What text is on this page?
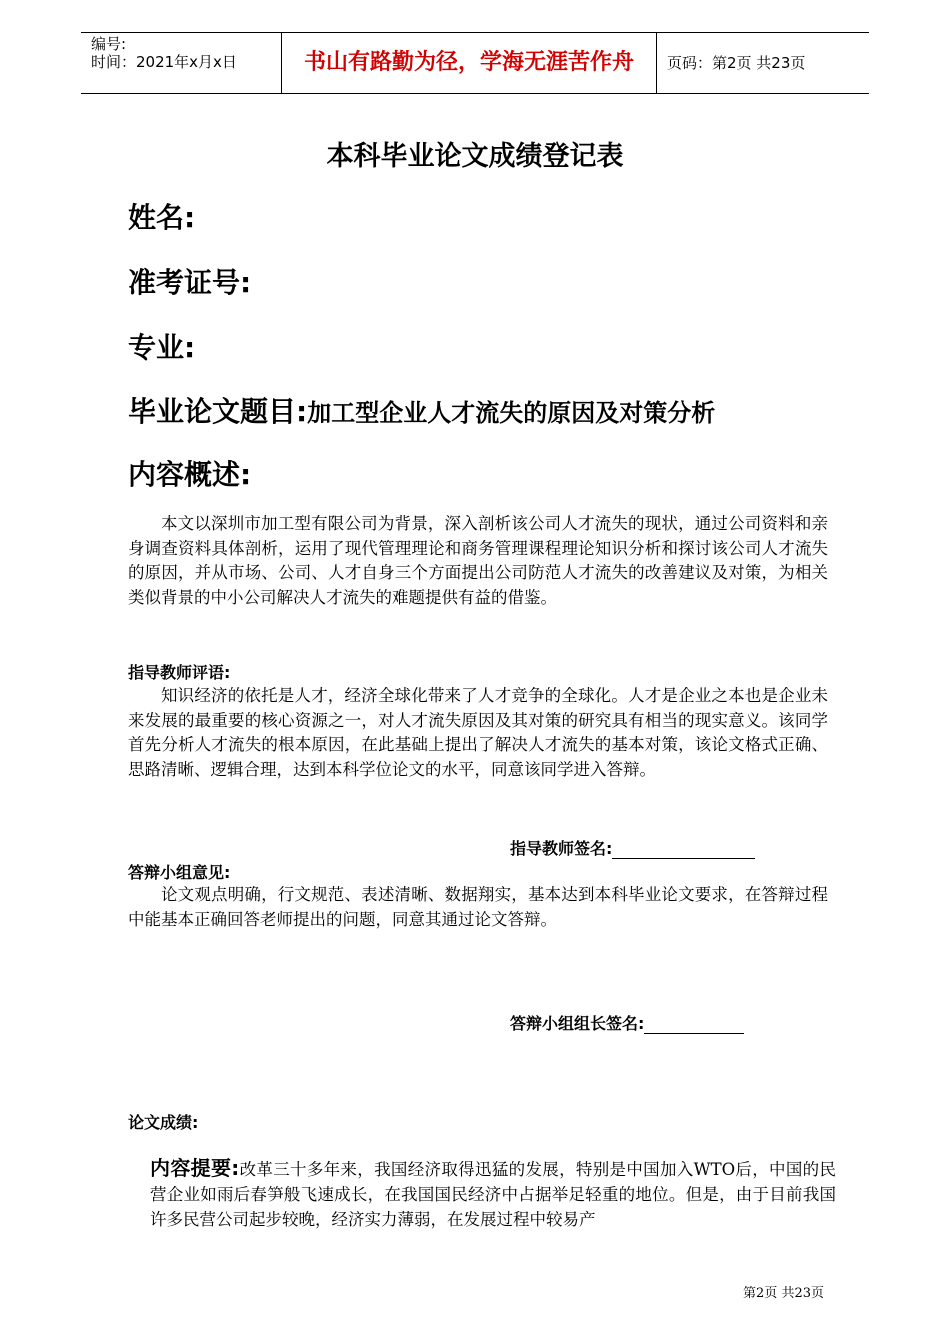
编号:
时间：2021年x月x日	书山有路勤为径，学海无涯苦作舟	页码：第2页 共23页
本科毕业论文成绩登记表
姓名:
准考证号:
专业:
毕业论文题目:加工型企业人才流失的原因及对策分析
内容概述:
本文以深圳市加工型有限公司为背景，深入剖析该公司人才流失的现状，通过公司资料和亲身调查资料具体剖析，运用了现代管理理论和商务管理课程理论知识分析和探讨该公司人才流失的原因，并从市场、公司、人才自身三个方面提出公司防范人才流失的改善建议及对策，为相关类似背景的中小公司解决人才流失的难题提供有益的借鉴。
指导教师评语:
知识经济的依托是人才，经济全球化带来了人才竞争的全球化。人才是企业之本也是企业未来发展的最重要的核心资源之一，对人才流失原因及其对策的研究具有相当的现实意义。该同学首先分析人才流失的根本原因，在此基础上提出了解决人才流失的基本对策，该论文格式正确、思路清晰、逻辑合理，达到本科学位论文的水平，同意该同学进入答辩。
指导教师签名:
答辩小组意见:
论文观点明确，行文规范、表述清晰、数据翔实，基本达到本科毕业论文要求，在答辩过程中能基本正确回答老师提出的问题，同意其通过论文答辩。
答辩小组组长签名:
论文成绩:
内容提要:改革三十多年来，我国经济取得迅猛的发展，特别是中国加入WTO后，中国的民营企业如雨后春笋般飞速成长，在我国国民经济中占据举足轻重的地位。但是，由于目前我国许多民营公司起步较晚，经济实力薄弱，在发展过程中较易产
第2页 共23页
